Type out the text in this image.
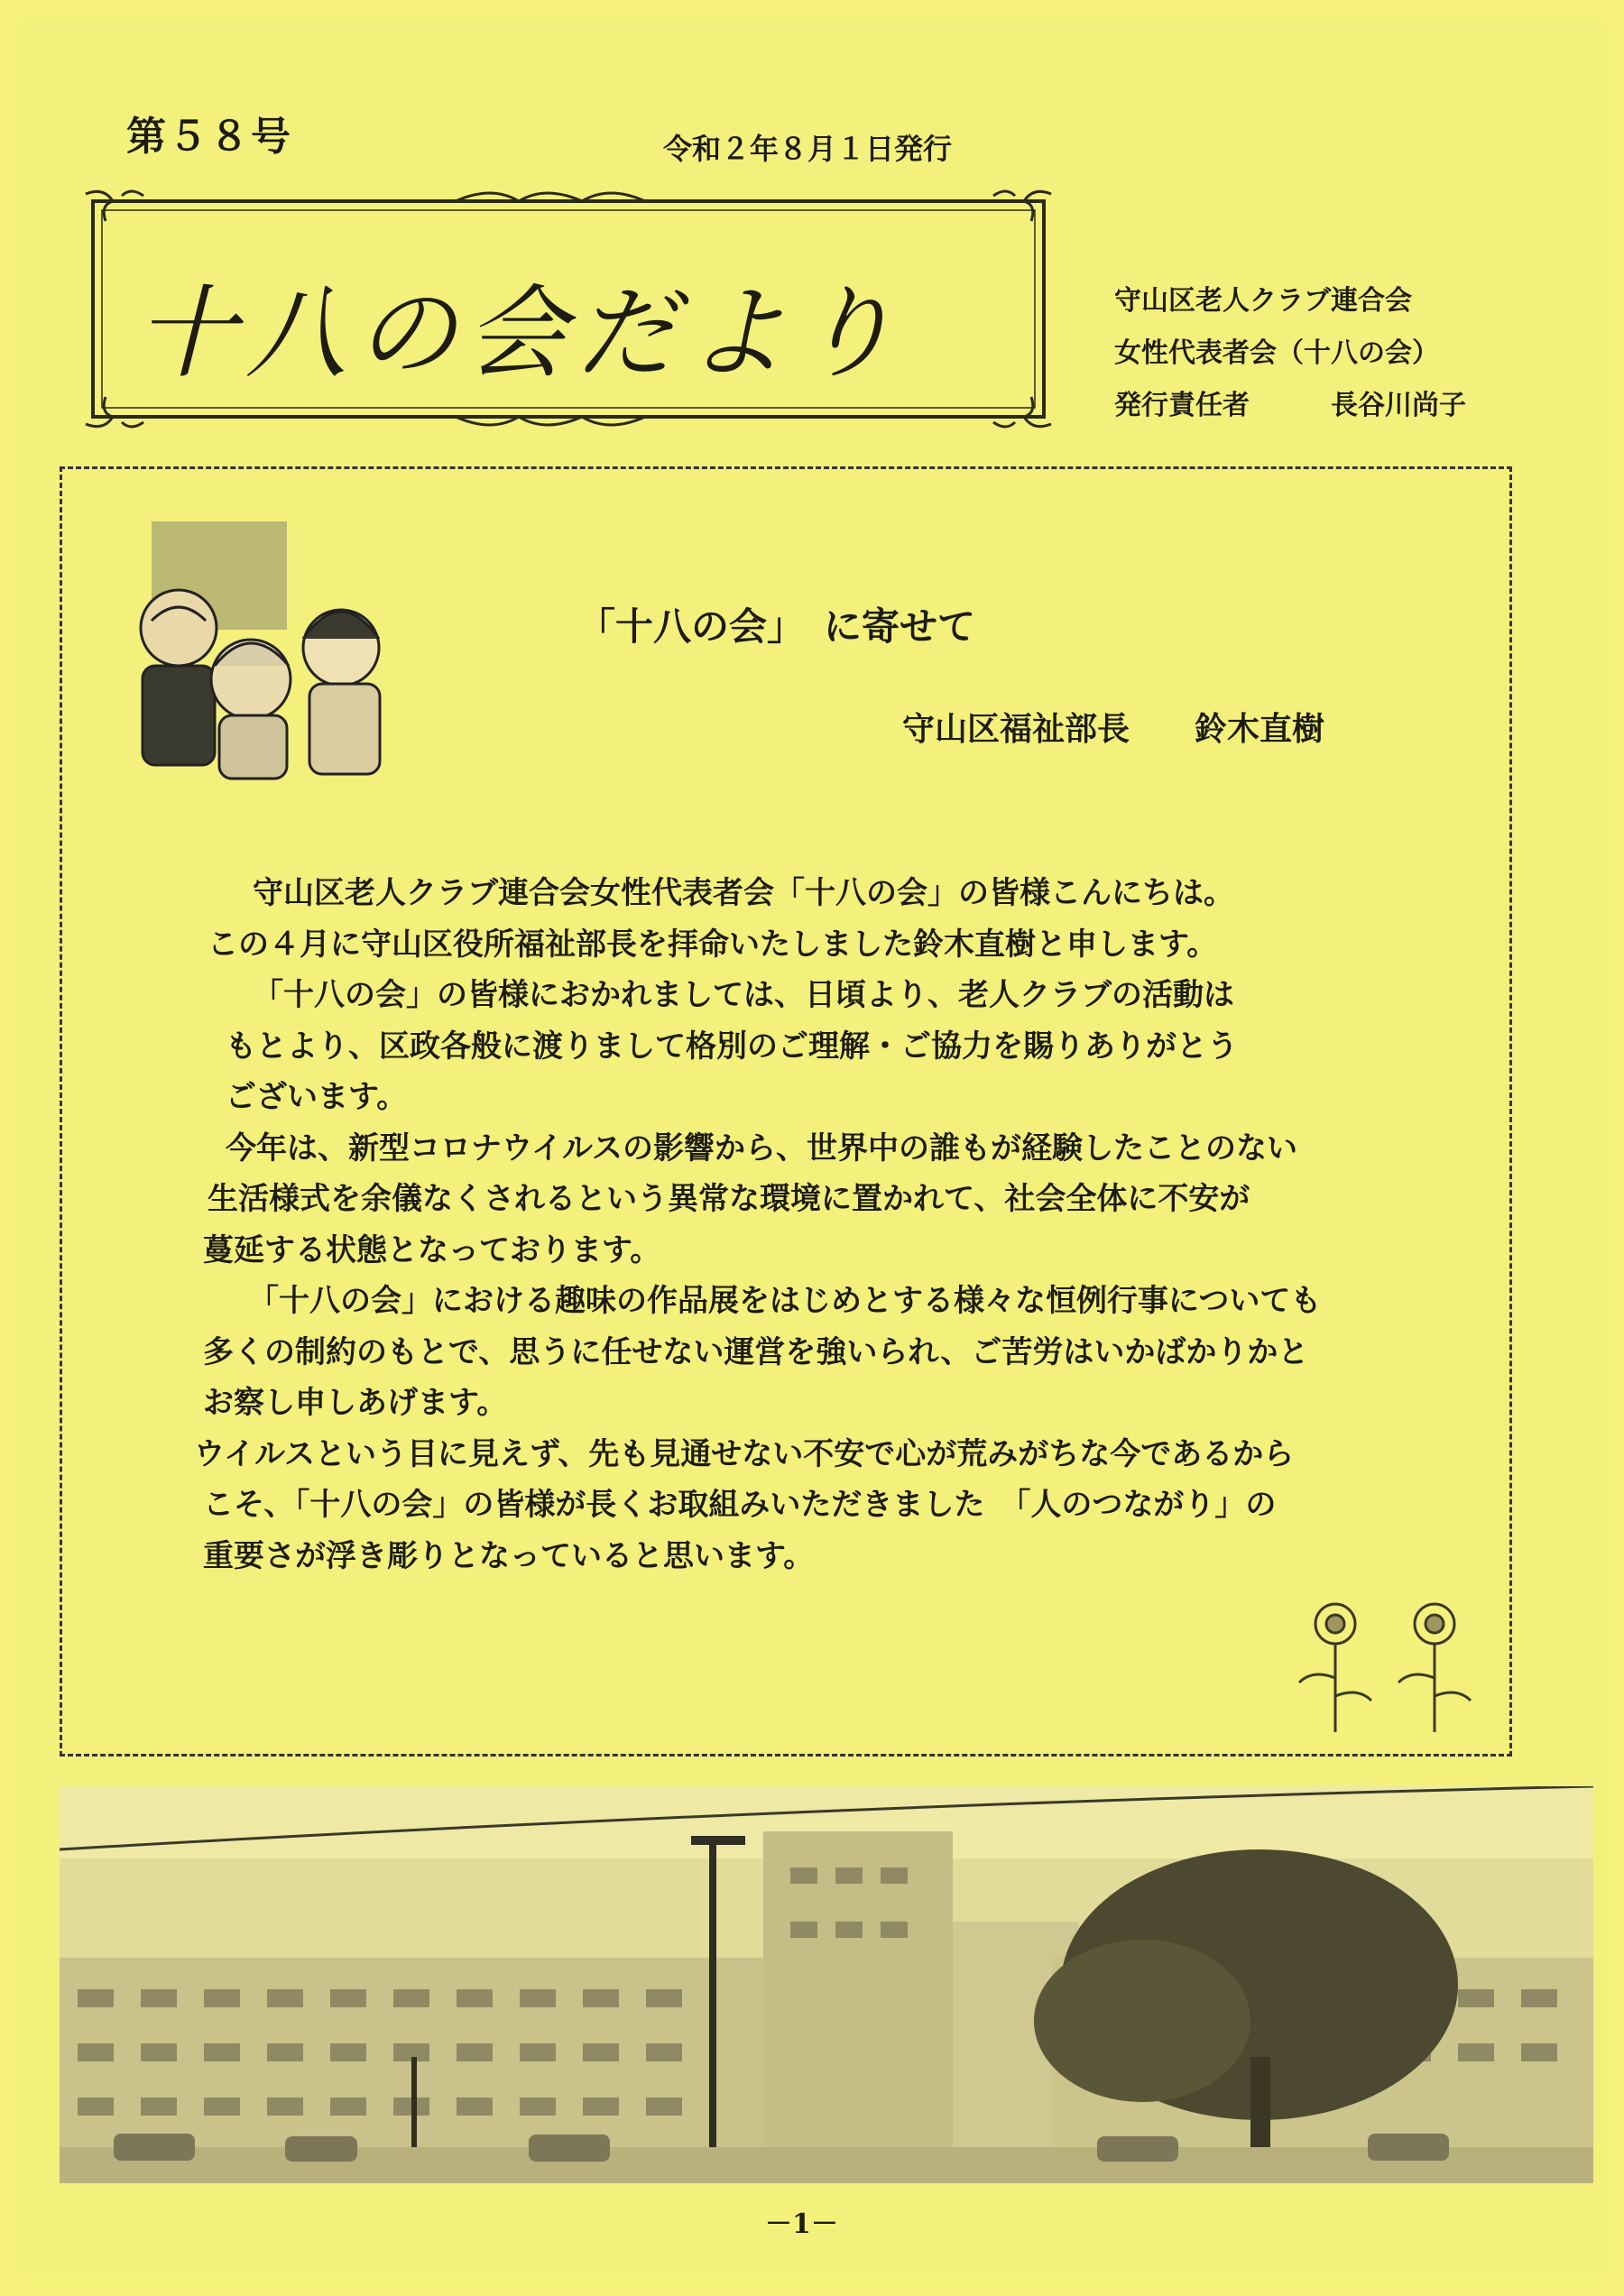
第５８号	令和２年８月１日発行
十八の会だより	守山区老人クラブ連合会
女性代表者会（十八の会）
発行責任者	長谷川尚子
「十八の会」　に寄せて
守山区福祉部長　　鈴木直樹

守山区老人クラブ連合会女性代表者会「十八の会」の皆様こんにちは。

この４月に守山区役所福祉部長を拝命いたしました鈴木直樹と申します。

「十八の会」の皆様におかれましては、日頃より、老人クラブの活動は

もとより、区政各般に渡りまして格別のご理解・ご協力を賜りありがとう

ございます。

今年は、新型コロナウイルスの影響から、世界中の誰もが経験したことのない

生活様式を余儀なくされるという異常な環境に置かれて、社会全体に不安が

蔓延する状態となっております。

「十八の会」における趣味の作品展をはじめとする様々な恒例行事についても

多くの制約のもとで、思うに任せない運営を強いられ、ご苦労はいかばかりかと

お察し申しあげます。

ウイルスという目に見えず、先も見通せない不安で心が荒みがちな今であるから

こそ、「十八の会」の皆様が長くお取組みいただきました　「人のつながり」の

重要さが浮き彫りとなっていると思います。

－1－
